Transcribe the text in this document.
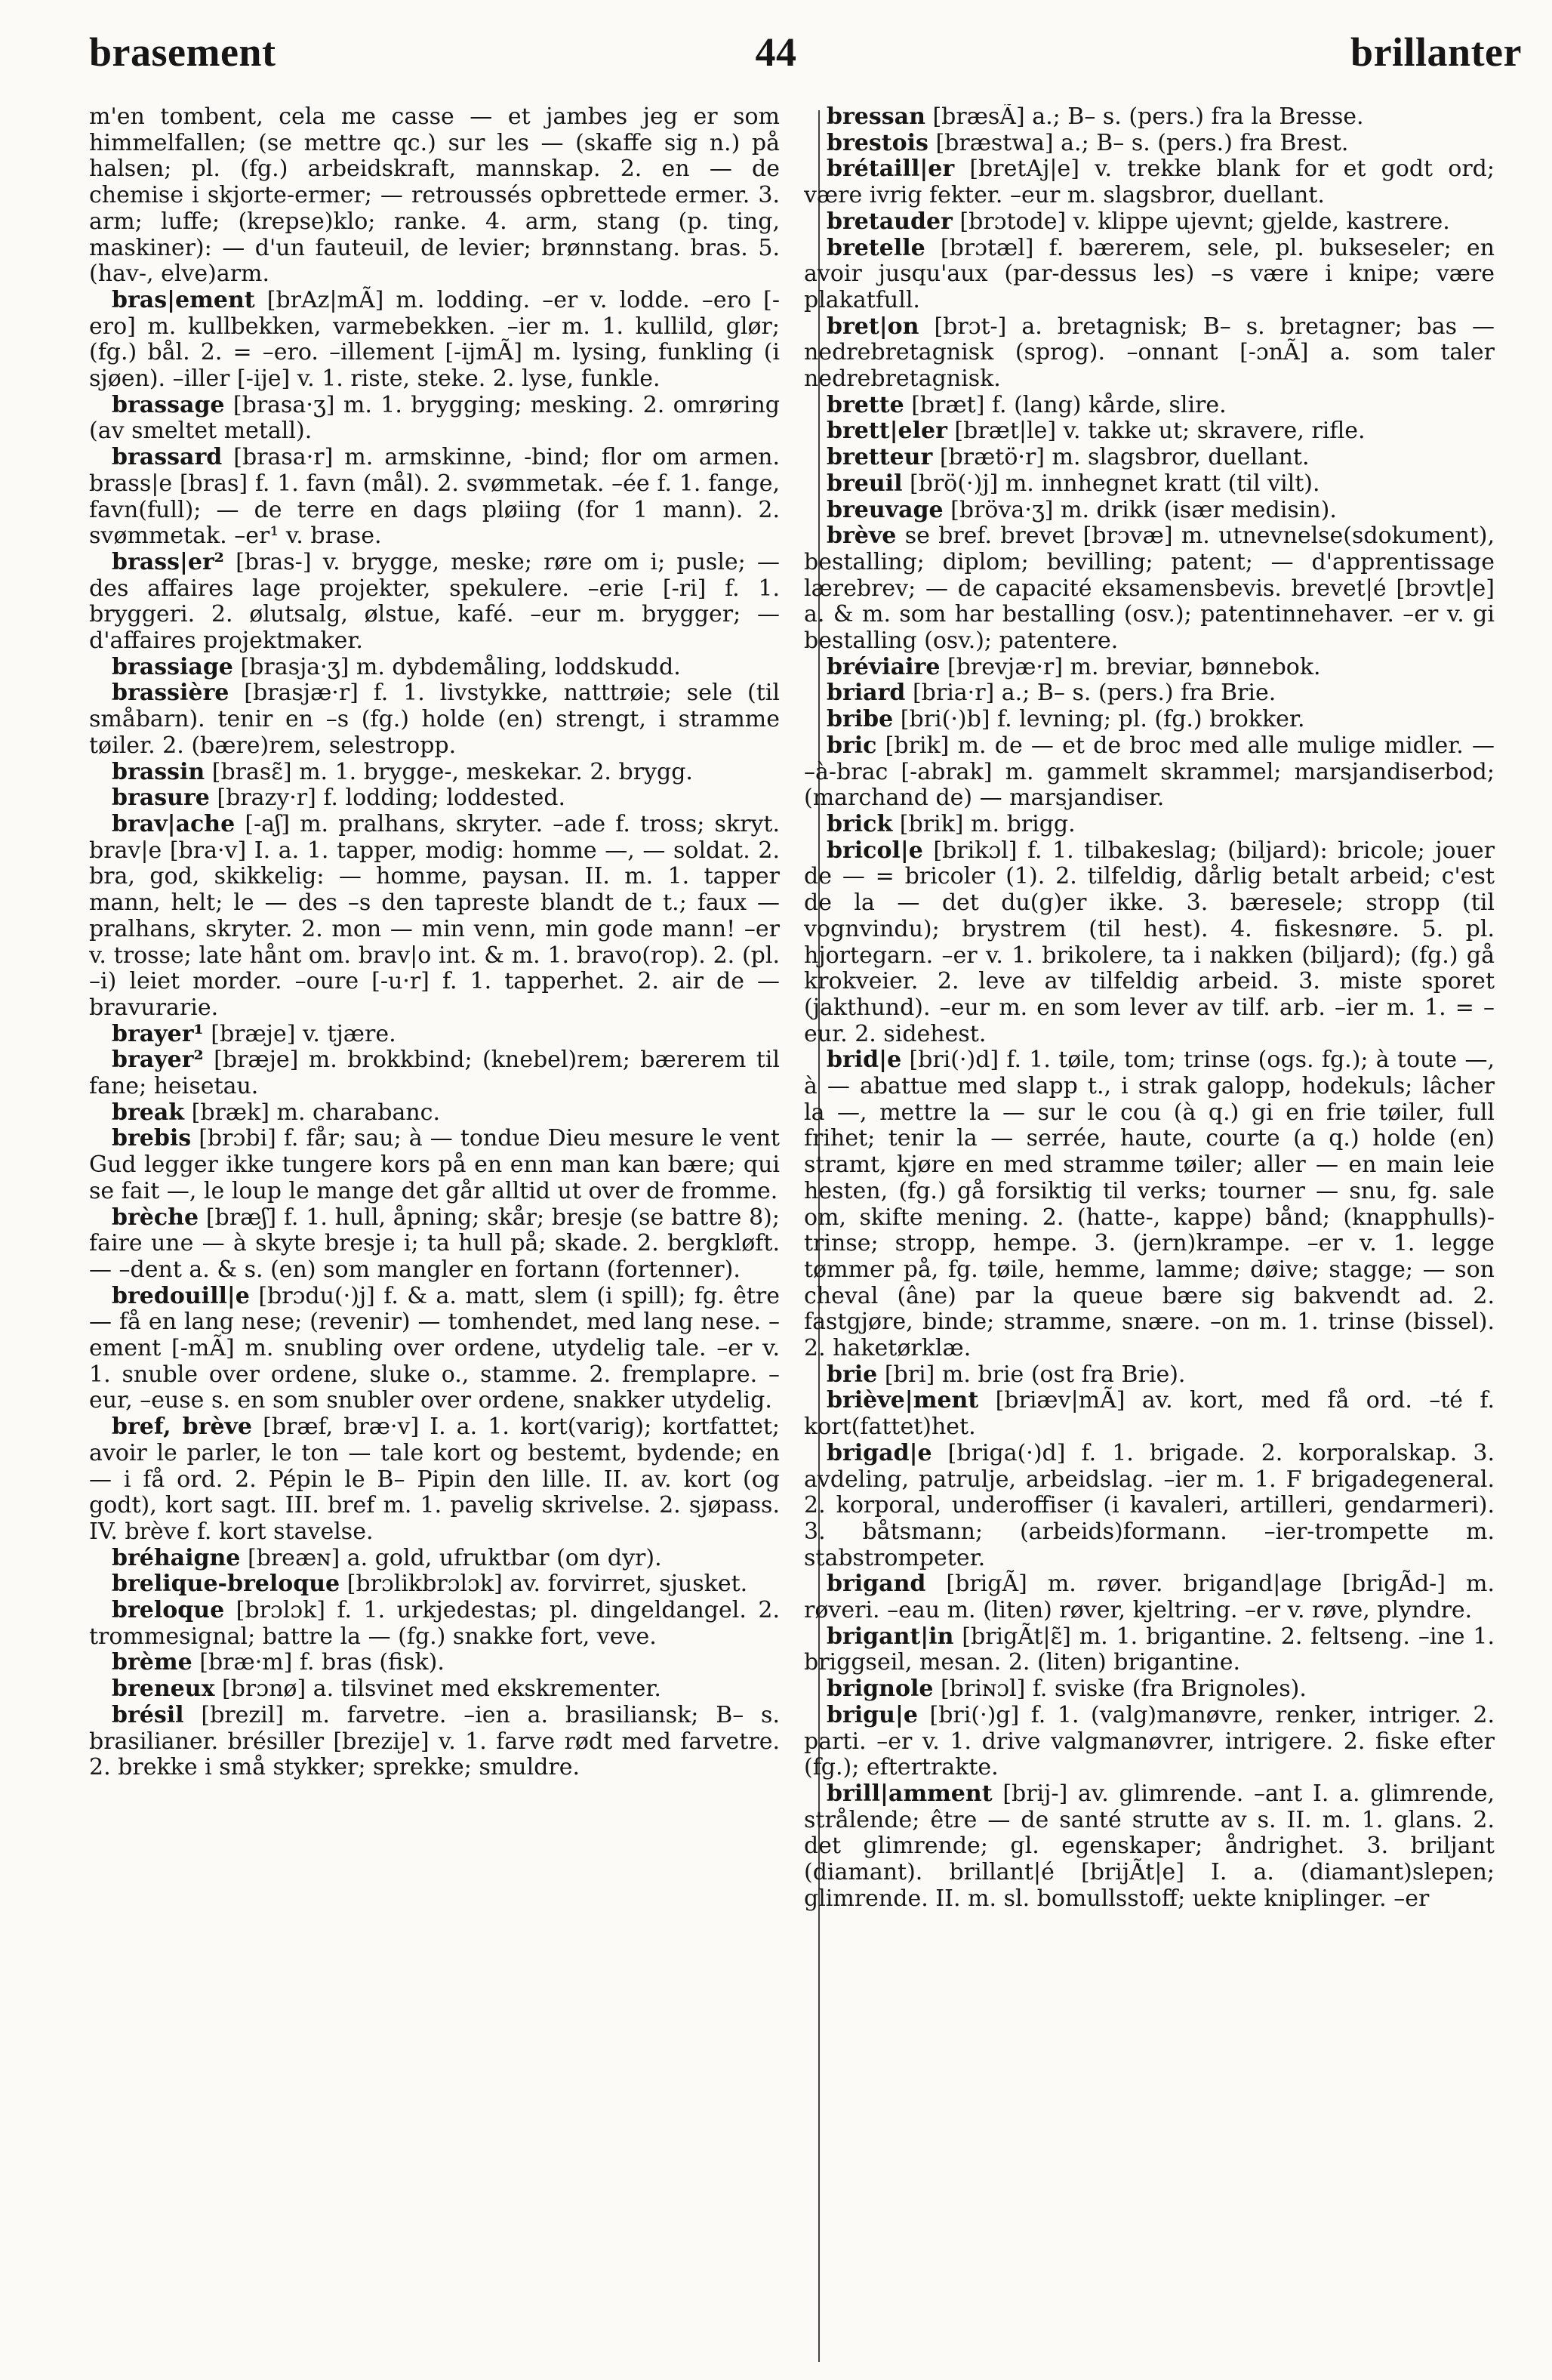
brasement	44	brillanter

m'en tombent, cela me casse — et jambes jeg er som himmelfallen; (se mettre qc.) sur les — (skaffe sig n.) på halsen; pl. (fg.) arbeidskraft, mannskap. 2. en — de chemise i skjorte-ermer; — retroussés opbrettede ermer. 3. arm; luffe; (krepse)klo; ranke. 4. arm, stang (p. ting, maskiner): — d'un fauteuil, de levier; brønnstang. bras. 5. (hav-, elve)arm.

bras|ement [brAz|mÃ] m. lodding. –er v. lodde. –ero [-ero] m. kullbekken, varmebekken. –ier m. 1. kullild, glør; (fg.) bål. 2. = –ero. –illement [-ijmÃ] m. lysing, funkling (i sjøen). –iller [-ije] v. 1. riste, steke. 2. lyse, funkle.

brassage [brasa·ʒ] m. 1. brygging; mesking. 2. omrøring (av smeltet metall).

brassard [brasa·r] m. armskinne, -bind; flor om armen. brass|e [bras] f. 1. favn (mål). 2. svømmetak. –ée f. 1. fange, favn(full); — de terre en dags pløiing (for 1 mann). 2. svømmetak. –er¹ v. brase.

brass|er² [bras-] v. brygge, meske; røre om i; pusle; — des affaires lage projekter, spekulere. –erie [-ri] f. 1. bryggeri. 2. ølutsalg, ølstue, kafé. –eur m. brygger; — d'affaires projektmaker.

brassiage [brasja·ʒ] m. dybdemåling, loddskudd.

brassière [brasjæ·r] f. 1. livstykke, natttrøie; sele (til småbarn). tenir en –s (fg.) holde (en) strengt, i stramme tøiler. 2. (bære)rem, selestropp.

brassin [brasɛ̃] m. 1. brygge-, meskekar. 2. brygg.

brasure [brazy·r] f. lodding; loddested.

brav|ache [-aʃ] m. pralhans, skryter. –ade f. tross; skryt. brav|e [bra·v] I. a. 1. tapper, modig: homme —, — soldat. 2. bra, god, skikkelig: — homme, paysan. II. m. 1. tapper mann, helt; le — des –s den tapreste blandt de t.; faux — pralhans, skryter. 2. mon — min venn, min gode mann! –er v. trosse; late hånt om. brav|o int. & m. 1. bravo(rop). 2. (pl. –i) leiet morder. –oure [-u·r] f. 1. tapperhet. 2. air de — bravurarie.

brayer¹ [bræje] v. tjære.

brayer² [bræje] m. brokkbind; (knebel)rem; bærerem til fane; heisetau.

break [bræk] m. charabanc.

brebis [brɔbi] f. får; sau; à — tondue Dieu mesure le vent Gud legger ikke tungere kors på en enn man kan bære; qui se fait —, le loup le mange det går alltid ut over de fromme.

brèche [bræʃ] f. 1. hull, åpning; skår; bresje (se battre 8); faire une — à skyte bresje i; ta hull på; skade. 2. bergkløft. — –dent a. & s. (en) som mangler en fortann (fortenner).

bredouill|e [brɔdu(·)j] f. & a. matt, slem (i spill); fg. être — få en lang nese; (revenir) — tomhendet, med lang nese. –ement [-mÃ] m. snubling over ordene, utydelig tale. –er v. 1. snuble over ordene, sluke o., stamme. 2. fremplapre. –eur, –euse s. en som snubler over ordene, snakker utydelig.

bref, brève [bræf, bræ·v] I. a. 1. kort(varig); kortfattet; avoir le parler, le ton — tale kort og bestemt, bydende; en — i få ord. 2. Pépin le B– Pipin den lille. II. av. kort (og godt), kort sagt. III. bref m. 1. pavelig skrivelse. 2. sjøpass. IV. brève f. kort stavelse.

bréhaigne [breæɴ] a. gold, ufruktbar (om dyr).

brelique-breloque [brɔlikbrɔlɔk] av. forvirret, sjusket.

breloque [brɔlɔk] f. 1. urkjedestas; pl. dingeldangel. 2. trommesignal; battre la — (fg.) snakke fort, veve.

brème [bræ·m] f. bras (fisk).

breneux [brɔnø] a. tilsvinet med ekskrementer.

brésil [brezil] m. farvetre. –ien a. brasiliansk; B– s. brasilianer. brésiller [brezije] v. 1. farve rødt med farvetre. 2. brekke i små stykker; sprekke; smuldre.

bressan [bræsÃ] a.; B– s. (pers.) fra la Bresse.

brestois [bræstwa] a.; B– s. (pers.) fra Brest.

brétaill|er [bretAj|e] v. trekke blank for et godt ord; være ivrig fekter. –eur m. slagsbror, duellant.

bretauder [brɔtode] v. klippe ujevnt; gjelde, kastrere.

bretelle [brɔtæl] f. bærerem, sele, pl. bukseseler; en avoir jusqu'aux (par-dessus les) –s være i knipe; være plakatfull.

bret|on [brɔt-] a. bretagnisk; B– s. bretagner; bas — nedrebretagnisk (sprog). –onnant [-ɔnÃ] a. som taler nedrebretagnisk.

brette [bræt] f. (lang) kårde, slire.

brett|eler [bræt|le] v. takke ut; skravere, rifle.

bretteur [brætö·r] m. slagsbror, duellant.

breuil [brö(·)j] m. innhegnet kratt (til vilt).

breuvage [bröva·ʒ] m. drikk (især medisin).

brève se bref. brevet [brɔvæ] m. utnevnelse(sdokument), bestalling; diplom; bevilling; patent; — d'apprentissage lærebrev; — de capacité eksamensbevis. brevet|é [brɔvt|e] a. & m. som har bestalling (osv.); patentinnehaver. –er v. gi bestalling (osv.); patentere.

bréviaire [brevjæ·r] m. breviar, bønnebok.

briard [bria·r] a.; B– s. (pers.) fra Brie.

bribe [bri(·)b] f. levning; pl. (fg.) brokker.

bric [brik] m. de — et de broc med alle mulige midler. — –à-brac [-abrak] m. gammelt skrammel; marsjandiserbod; (marchand de) — marsjandiser.

brick [brik] m. brigg.

bricol|e [brikɔl] f. 1. tilbakeslag; (biljard): bricole; jouer de — = bricoler (1). 2. tilfeldig, dårlig betalt arbeid; c'est de la — det du(g)er ikke. 3. bæresele; stropp (til vognvindu); brystrem (til hest). 4. fiskesnøre. 5. pl. hjortegarn. –er v. 1. brikolere, ta i nakken (biljard); (fg.) gå krokveier. 2. leve av tilfeldig arbeid. 3. miste sporet (jakthund). –eur m. en som lever av tilf. arb. –ier m. 1. = –eur. 2. sidehest.

brid|e [bri(·)d] f. 1. tøile, tom; trinse (ogs. fg.); à toute —, à — abattue med slapp t., i strak galopp, hodekuls; lâcher la —, mettre la — sur le cou (à q.) gi en frie tøiler, full frihet; tenir la — serrée, haute, courte (a q.) holde (en) stramt, kjøre en med stramme tøiler; aller — en main leie hesten, (fg.) gå forsiktig til verks; tourner — snu, fg. sale om, skifte mening. 2. (hatte-, kappe) bånd; (knapphulls)-trinse; stropp, hempe. 3. (jern)krampe. –er v. 1. legge tømmer på, fg. tøile, hemme, lamme; døive; stagge; — son cheval (âne) par la queue bære sig bakvendt ad. 2. fastgjøre, binde; stramme, snære. –on m. 1. trinse (bissel). 2. haketørklæ.

brie [bri] m. brie (ost fra Brie).

briève|ment [briæv|mÃ] av. kort, med få ord. –té f. kort(fattet)het.

brigad|e [briga(·)d] f. 1. brigade. 2. korporalskap. 3. avdeling, patrulje, arbeidslag. –ier m. 1. F brigadegeneral. 2. korporal, underoffiser (i kavaleri, artilleri, gendarmeri). 3. båtsmann; (arbeids)formann. –ier-trompette m. stabstrompeter.

brigand [brigÃ] m. røver. brigand|age [brigÃd-] m. røveri. –eau m. (liten) røver, kjeltring. –er v. røve, plyndre.

brigant|in [brigÃt|ɛ̃] m. 1. brigantine. 2. feltseng. –ine 1. briggseil, mesan. 2. (liten) brigantine.

brignole [briɴɔl] f. sviske (fra Brignoles).

brigu|e [bri(·)g] f. 1. (valg)manøvre, renker, intriger. 2. parti. –er v. 1. drive valgmanøvrer, intrigere. 2. fiske efter (fg.); eftertrakte.

brill|amment [brij-] av. glimrende. –ant I. a. glimrende, strålende; être — de santé strutte av s. II. m. 1. glans. 2. det glimrende; gl. egenskaper; åndrighet. 3. briljant (diamant). brillant|é [brijÃt|e] I. a. (diamant)slepen; glimrende. II. m. sl. bomullsstoff; uekte kniplinger. –er
